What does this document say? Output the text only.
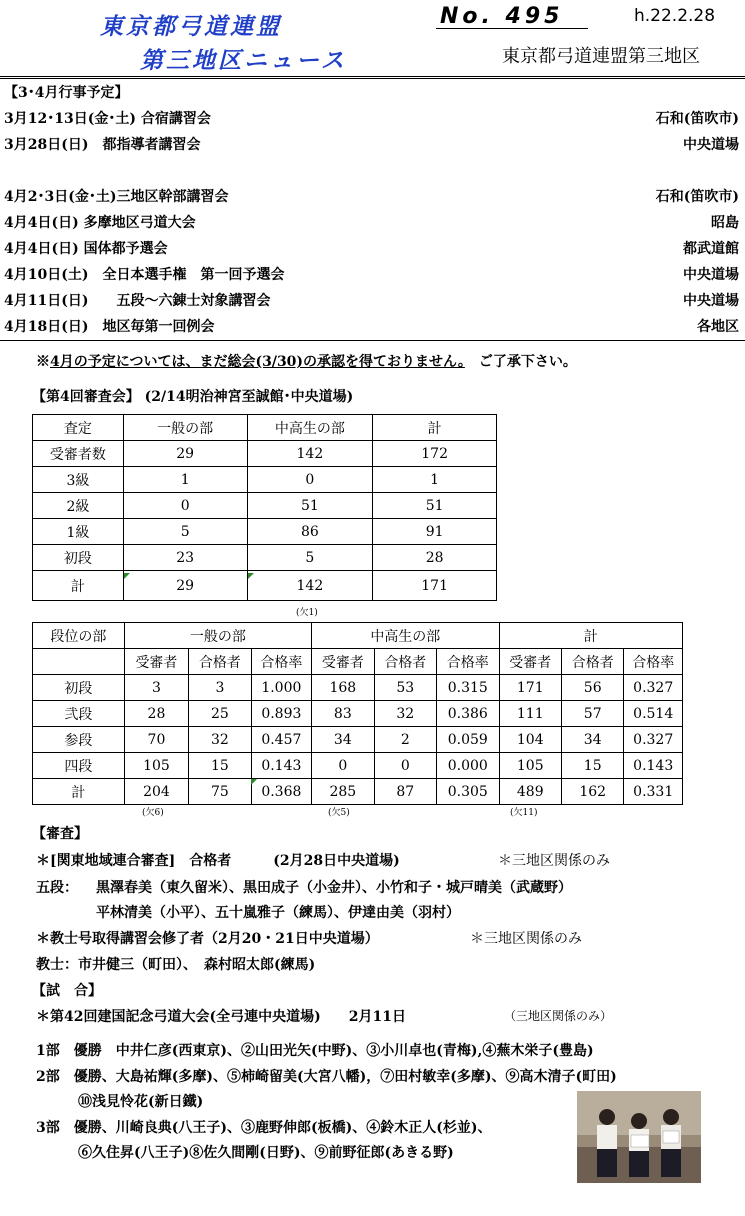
東京都弓道連盟
第三地区ニュース
No. 495	h.22.2.28
東京都弓道連盟第三地区
【3･4月行事予定】
3月12･13日(金･土) 合宿講習会	石和(笛吹市)
3月28日(日)　都指導者講習会	中央道場
4月2･3日(金･土)三地区幹部講習会	石和(笛吹市)
4月4日(日) 多摩地区弓道大会	昭島
4月4日(日) 国体都予選会	都武道館
4月10日(土)　全日本選手権　第一回予選会	中央道場
4月11日(日)　　五段～六錬士対象講習会	中央道場
4月18日(日)　地区毎第一回例会	各地区
※4月の予定については、まだ総会(3/30)の承認を得ておりません。　 ご了承下さい。
【第4回審査会】 (2/14明治神宮至誠館･中央道場)
査定	一般の部	中高生の部	計
受審者数	29	142	172
3級	1	0	1
2級	0	51	51
1級	5	86	91
初段	23	5	28
計	29	142	171
(欠1)
段位の部	一般の部			中高生の部			計		
	受審者	合格者	合格率	受審者	合格者	合格率	受審者	合格者	合格率
初段	3	3	1.000	168	53	0.315	171	56	0.327
弐段	28	25	0.893	83	32	0.386	111	57	0.514
参段	70	32	0.457	34	2	0.059	104	34	0.327
四段	105	15	0.143	0	0	0.000	105	15	0.143
計	204	75	0.368	285	87	0.305	489	162	0.331
(欠6)	(欠5)	(欠11)
【審査】
＊[関東地域連合審査]　合格者　　　(2月28日中央道場)	＊三地区関係のみ
五段： 黒澤春美（東久留米）、黒田成子（小金井）、小竹和子・城戸晴美（武蔵野）
平林清美（小平）、五十嵐雅子（練馬）、伊達由美（羽村）
＊教士号取得講習会修了者（2月20・21日中央道場）	＊三地区関係のみ
教士：市井健三（町田）、　森村昭太郎(練馬)
【試　合】
＊第42回建国記念弓道大会(全弓連中央道場)　　2月11日	（三地区関係のみ）
1部　優勝　中井仁彦(西東京)、②山田光矢(中野)、③小川卓也(青梅),④蕪木栄子(豊島)
2部　優勝、大島祐輝(多摩)、⑤柿崎留美(大宮八幡)，⑦田村敏幸(多摩)、⑨高木清子(町田)
　　　⑩浅見怜花(新日鐵)
3部　優勝、川崎良典(八王子)、③鹿野伸郎(板橋)、④鈴木正人(杉並)、
　　　⑥久住昇(八王子)⑧佐久間剛(日野)、⑨前野征郎(あきる野)
